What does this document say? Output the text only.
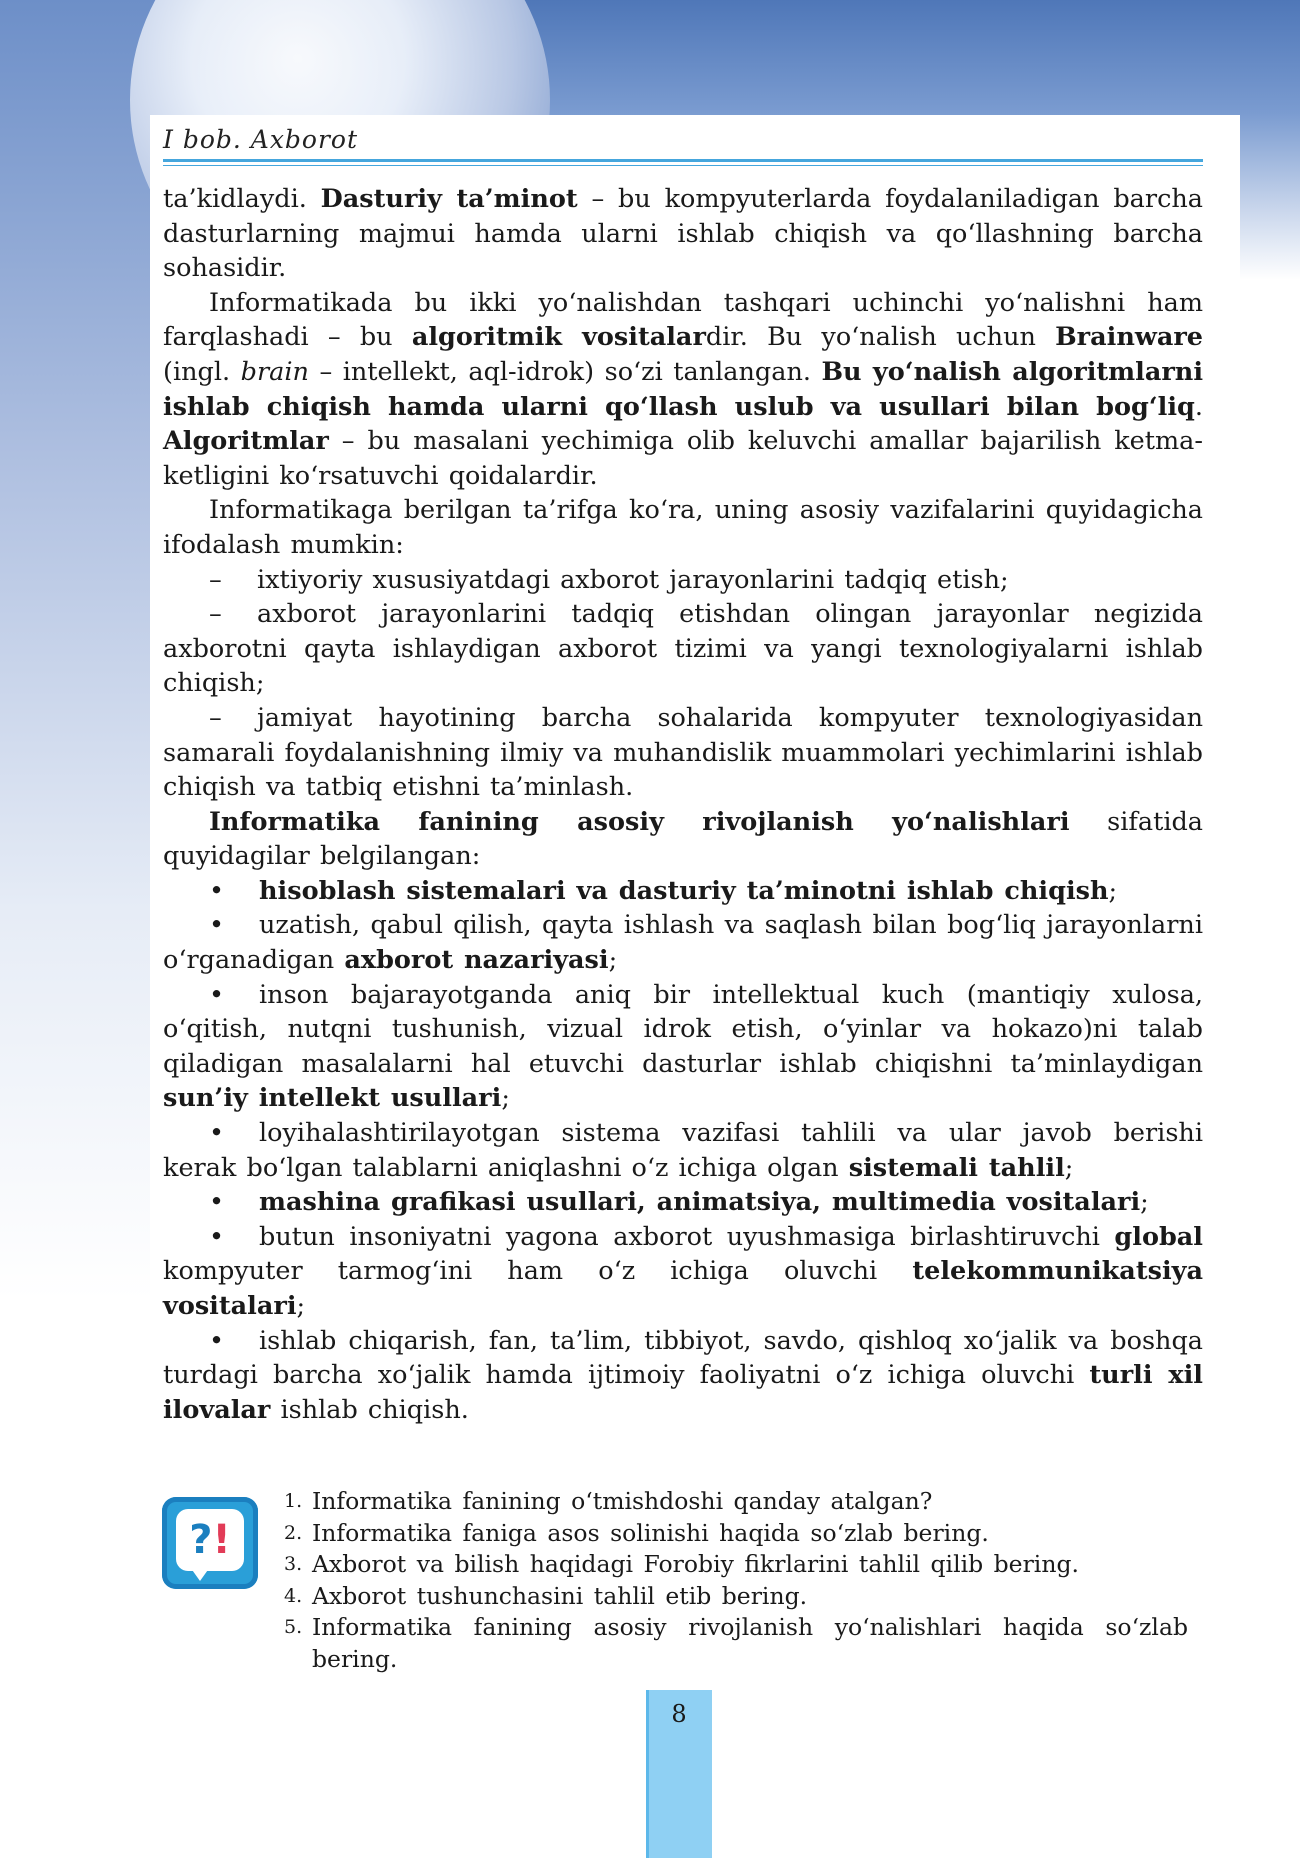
I bob. Axborot

ta’kidlaydi. Dasturiy ta’minot – bu kompyuterlarda foydalaniladigan barcha dasturlarning majmui hamda ularni ishlab chiqish va qo‘llashning barcha sohasidir.

Informatikada bu ikki yo‘nalishdan tashqari uchinchi yo‘nalishni ham farqlashadi – bu algoritmik vositalardir. Bu yo‘nalish uchun Brainware (ingl. brain – intellekt, aql-idrok) so‘zi tanlangan. Bu yo‘nalish algoritmlarni ishlab chiqish hamda ularni qo‘llash uslub va usullari bilan bog‘liq. Algoritmlar – bu masalani yechimiga olib keluvchi amallar bajarilish ketma-ketligini ko‘rsatuvchi qoidalardir.

Informatikaga berilgan ta’rifga ko‘ra, uning asosiy vazifalarini quyidagicha ifodalash mumkin:

– ixtiyoriy xususiyatdagi axborot jarayonlarini tadqiq etish;

– axborot jarayonlarini tadqiq etishdan olingan jarayonlar negizida axborotni qayta ishlaydigan axborot tizimi va yangi texnologiyalarni ishlab chiqish;

– jamiyat hayotining barcha sohalarida kompyuter texnologiyasidan samarali foydalanishning ilmiy va muhandislik muammolari yechimlarini ishlab chiqish va tatbiq etishni ta’minlash.

Informatika fanining asosiy rivojlanish yo‘nalishlari sifatida quyidagilar belgilangan:

• hisoblash sistemalari va dasturiy ta’minotni ishlab chiqish;

• uzatish, qabul qilish, qayta ishlash va saqlash bilan bog‘liq jarayonlarni o‘rganadigan axborot nazariyasi;

• inson bajarayotganda aniq bir intellektual kuch (mantiqiy xulosa, o‘qitish, nutqni tushunish, vizual idrok etish, o‘yinlar va hokazo)ni talab qiladigan masalalarni hal etuvchi dasturlar ishlab chiqishni ta’minlaydigan sun’iy intellekt usullari;

• loyihalashtirilayotgan sistema vazifasi tahlili va ular javob berishi kerak bo‘lgan talablarni aniqlashni o‘z ichiga olgan sistemali tahlil;

• mashina grafikasi usullari, animatsiya, multimedia vositalari;

• butun insoniyatni yagona axborot uyushmasiga birlashtiruvchi global kompyuter tarmog‘ini ham o‘z ichiga oluvchi telekommunikatsiya vositalari;

• ishlab chiqarish, fan, ta’lim, tibbiyot, savdo, qishloq xo‘jalik va boshqa turdagi barcha xo‘jalik hamda ijtimoiy faoliyatni o‘z ichiga oluvchi turli xil ilovalar ishlab chiqish.

? !
1. Informatika fanining o‘tmishdoshi qanday atalgan?
2. Informatika faniga asos solinishi haqida so‘zlab bering.
3. Axborot va bilish haqidagi Forobiy fikrlarini tahlil qilib bering.
4. Axborot tushunchasini tahlil etib bering.
5. Informatika fanining asosiy rivojlanish yo‘nalishlari haqida so‘zlab bering.
8
